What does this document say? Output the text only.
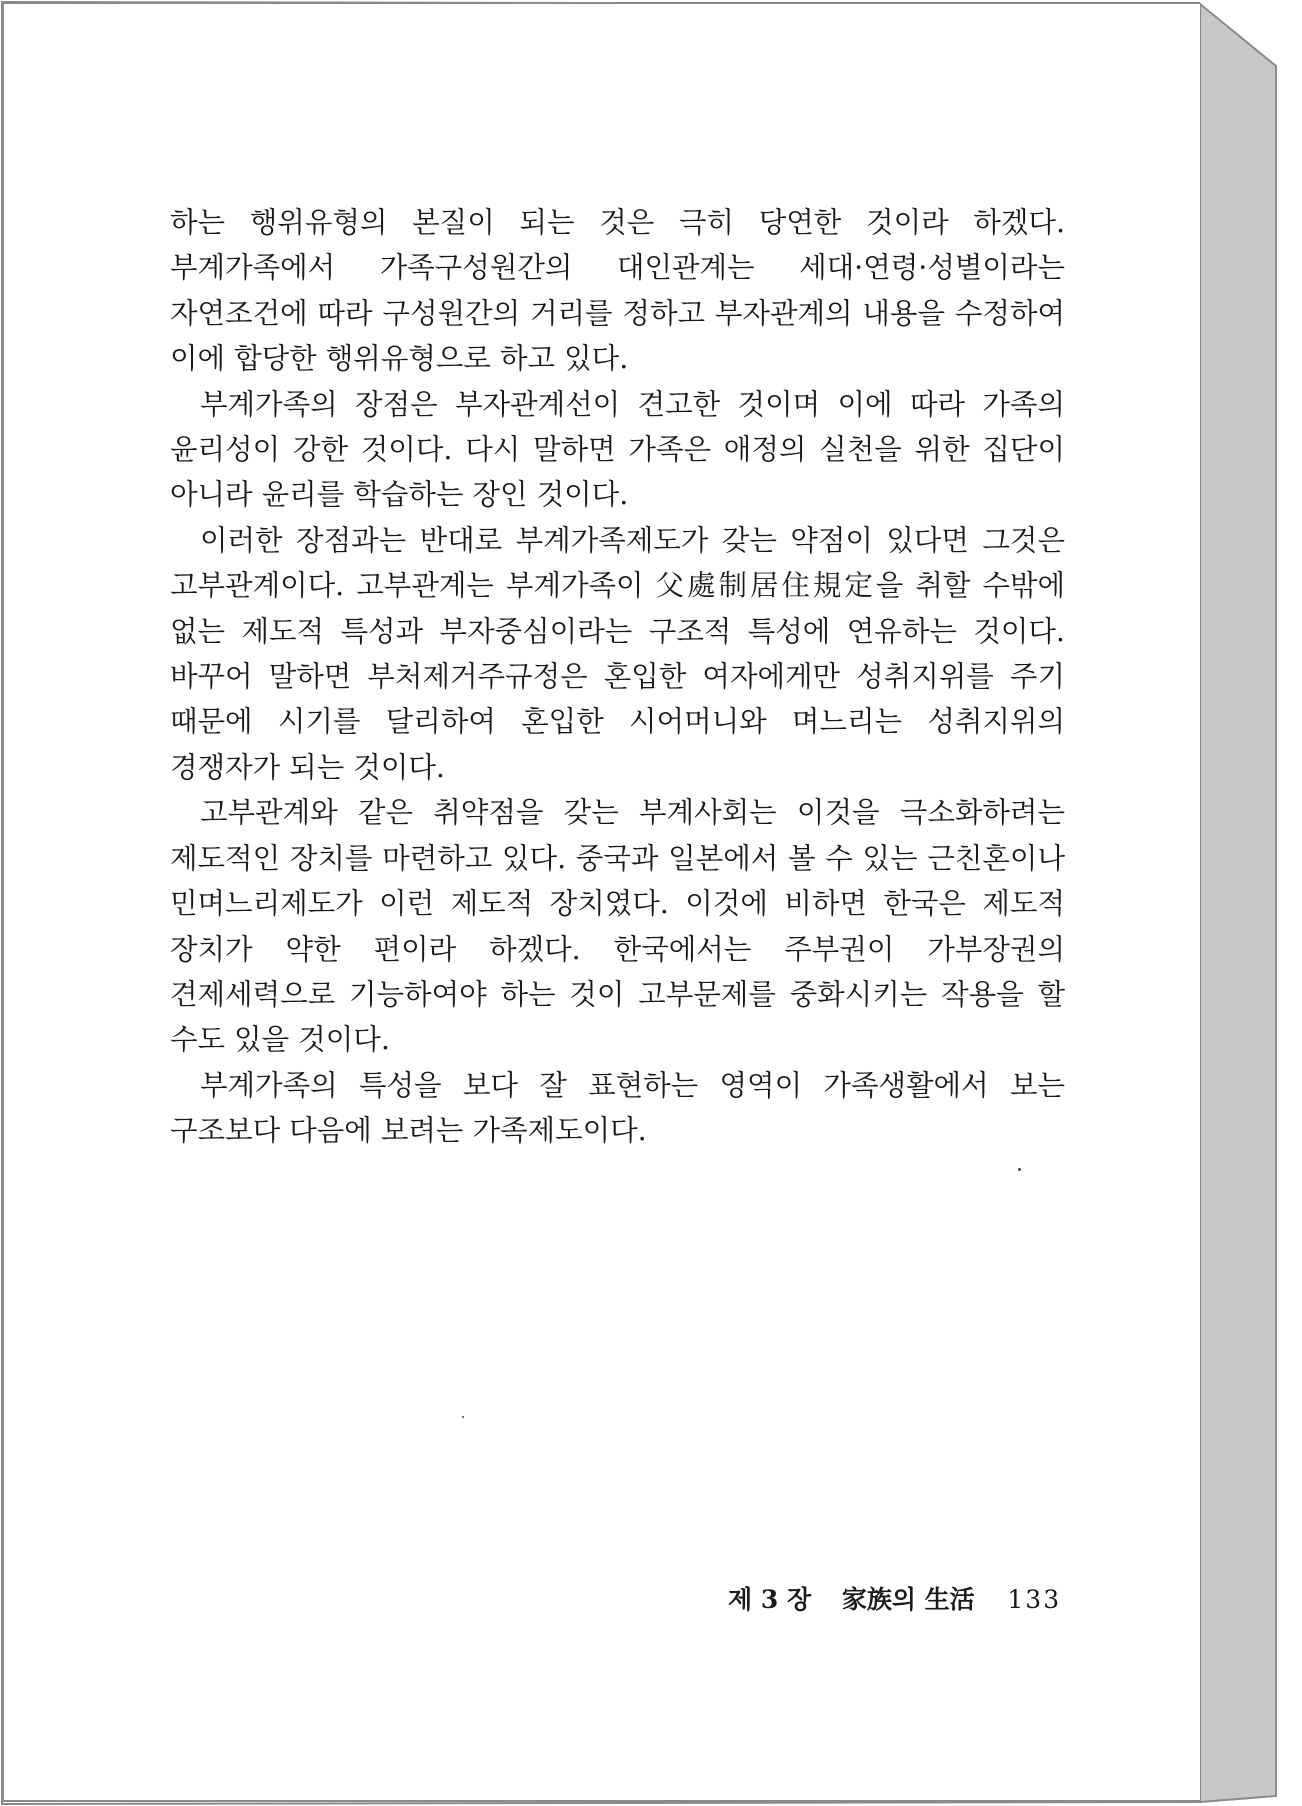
하는 행위유형의 본질이 되는 것은 극히 당연한 것이라 하겠다. 부계가족에서 가족구성원간의 대인관계는 세대·연령·성별이라는 자연조건에 따라 구성원간의 거리를 정하고 부자관계의 내용을 수정하여 이에 합당한 행위유형으로 하고 있다.

부계가족의 장점은 부자관계선이 견고한 것이며 이에 따라 가족의 윤리성이 강한 것이다. 다시 말하면 가족은 애정의 실천을 위한 집단이 아니라 윤리를 학습하는 장인 것이다.

이러한 장점과는 반대로 부계가족제도가 갖는 약점이 있다면 그것은 고부관계이다. 고부관계는 부계가족이 父處制居住規定을 취할 수밖에 없는 제도적 특성과 부자중심이라는 구조적 특성에 연유하는 것이다. 바꾸어 말하면 부처제거주규정은 혼입한 여자에게만 성취지위를 주기 때문에 시기를 달리하여 혼입한 시어머니와 며느리는 성취지위의 경쟁자가 되는 것이다.

고부관계와 같은 취약점을 갖는 부계사회는 이것을 극소화하려는 제도적인 장치를 마련하고 있다. 중국과 일본에서 볼 수 있는 근친혼이나 민며느리제도가 이런 제도적 장치였다. 이것에 비하면 한국은 제도적 장치가 약한 편이라 하겠다. 한국에서는 주부권이 가부장권의 견제세력으로 기능하여야 하는 것이 고부문제를 중화시키는 작용을 할 수도 있을 것이다.

부계가족의 특성을 보다 잘 표현하는 영역이 가족생활에서 보는 구조보다 다음에 보려는 가족제도이다.

제 3 장 家族의 生活 133
